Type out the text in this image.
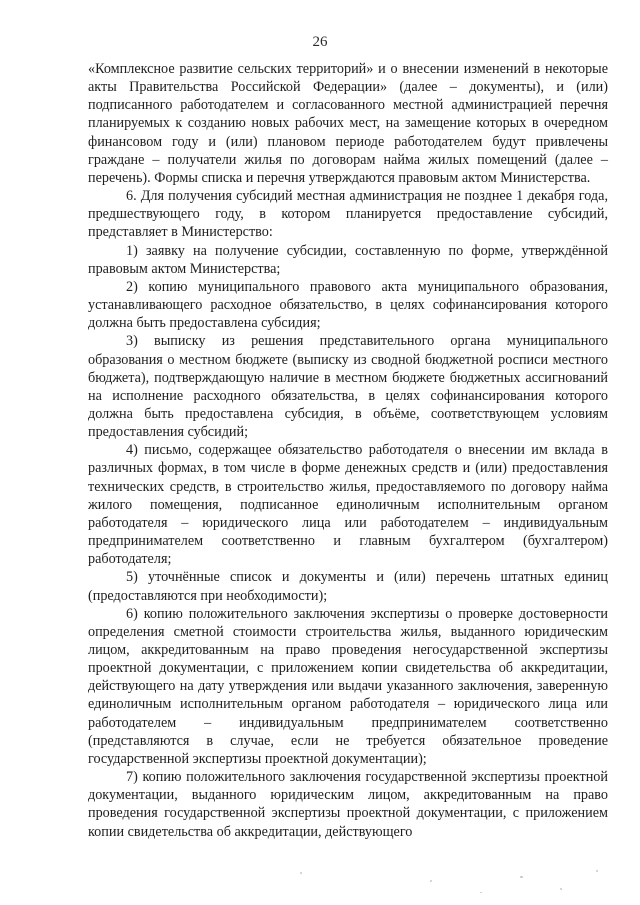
26

«Комплексное развитие сельских территорий» и о внесении изменений в некоторые акты Правительства Российской Федерации» (далее – документы), и (или) подписанного работодателем и согласованного местной администрацией перечня планируемых к созданию новых рабочих мест, на замещение которых в очередном финансовом году и (или) плановом периоде работодателем будут привлечены граждане – получатели жилья по договорам найма жилых помещений (далее – перечень). Формы списка и перечня утверждаются правовым актом Министерства.

6. Для получения субсидий местная администрация не позднее 1 декабря года, предшествующего году, в котором планируется предоставление субсидий, представляет в Министерство:

1) заявку на получение субсидии, составленную по форме, утверждённой правовым актом Министерства;

2) копию муниципального правового акта муниципального образования, устанавливающего расходное обязательство, в целях софинансирования которого должна быть предоставлена субсидия;

3) выписку из решения представительного органа муниципального образования о местном бюджете (выписку из сводной бюджетной росписи местного бюджета), подтверждающую наличие в местном бюджете бюджетных ассигнований на исполнение расходного обязательства, в целях софинансирования которого должна быть предоставлена субсидия, в объёме, соответствующем условиям предоставления субсидий;

4) письмо, содержащее обязательство работодателя о внесении им вклада в различных формах, в том числе в форме денежных средств и (или) предоставления технических средств, в строительство жилья, предоставляемого по договору найма жилого помещения, подписанное единоличным исполнительным органом работодателя – юридического лица или работодателем – индивидуальным предпринимателем соответственно и главным бухгалтером (бухгалтером) работодателя;

5) уточнённые список и документы и (или) перечень штатных единиц (предоставляются при необходимости);

6) копию положительного заключения экспертизы о проверке достоверности определения сметной стоимости строительства жилья, выданного юридическим лицом, аккредитованным на право проведения негосударственной экспертизы проектной документации, с приложением копии свидетельства об аккредитации, действующего на дату утверждения или выдачи указанного заключения, заверенную единоличным исполнительным органом работодателя – юридического лица или работодателем – индивидуальным предпринимателем соответственно (представляются в случае, если не требуется обязательное проведение государственной экспертизы проектной документации);

7) копию положительного заключения государственной экспертизы проектной документации, выданного юридическим лицом, аккредитованным на право проведения государственной экспертизы проектной документации, с приложением копии свидетельства об аккредитации, действующего
